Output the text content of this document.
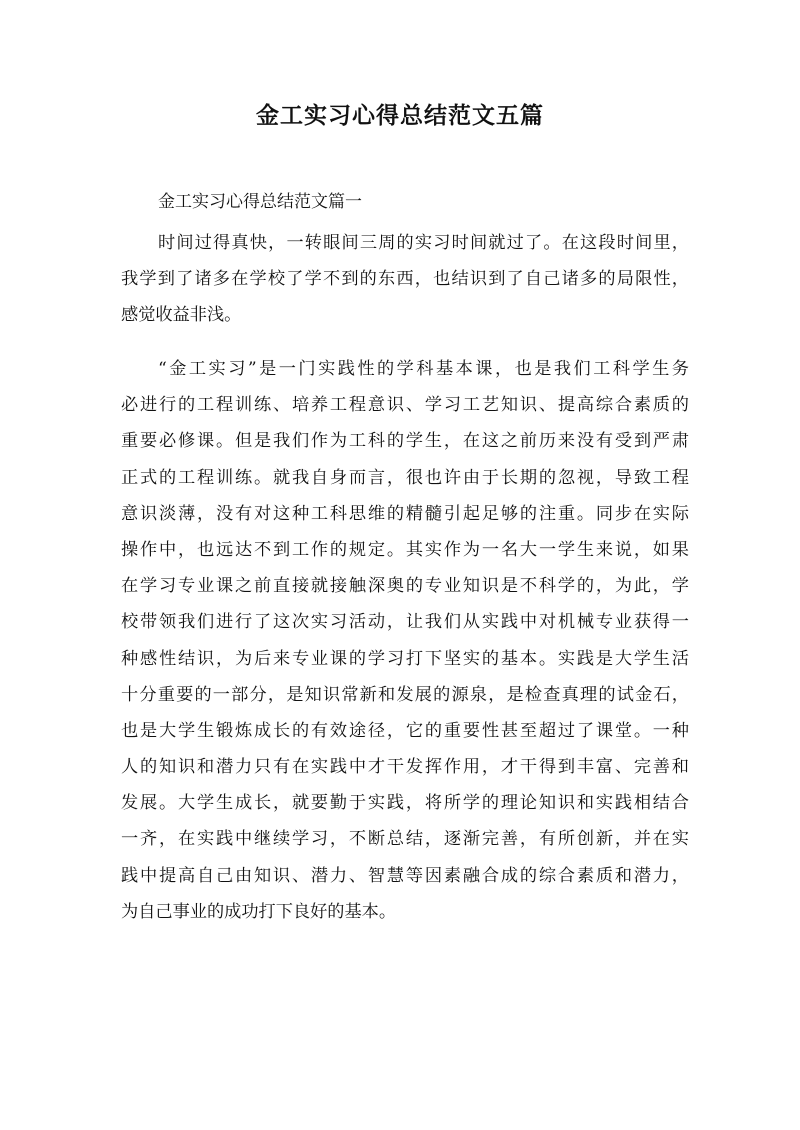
金工实习心得总结范文五篇
金工实习心得总结范文篇一
时间过得真快，一转眼间三周的实习时间就过了。在这段时间里，
我学到了诸多在学校了学不到的东西，也结识到了自己诸多的局限性，
感觉收益非浅。
“金工实习”是一门实践性的学科基本课，也是我们工科学生务
必进行的工程训练、培养工程意识、学习工艺知识、提高综合素质的
重要必修课。但是我们作为工科的学生，在这之前历来没有受到严肃
正式的工程训练。就我自身而言，很也许由于长期的忽视，导致工程
意识淡薄，没有对这种工科思维的精髓引起足够的注重。同步在实际
操作中，也远达不到工作的规定。其实作为一名大一学生来说，如果
在学习专业课之前直接就接触深奥的专业知识是不科学的，为此，学
校带领我们进行了这次实习活动，让我们从实践中对机械专业获得一
种感性结识，为后来专业课的学习打下坚实的基本。实践是大学生活
十分重要的一部分，是知识常新和发展的源泉，是检查真理的试金石，
也是大学生锻炼成长的有效途径，它的重要性甚至超过了课堂。一种
人的知识和潜力只有在实践中才干发挥作用，才干得到丰富、完善和
发展。大学生成长，就要勤于实践，将所学的理论知识和实践相结合
一齐，在实践中继续学习，不断总结，逐渐完善，有所创新，并在实
践中提高自己由知识、潜力、智慧等因素融合成的综合素质和潜力，
为自己事业的成功打下良好的基本。
